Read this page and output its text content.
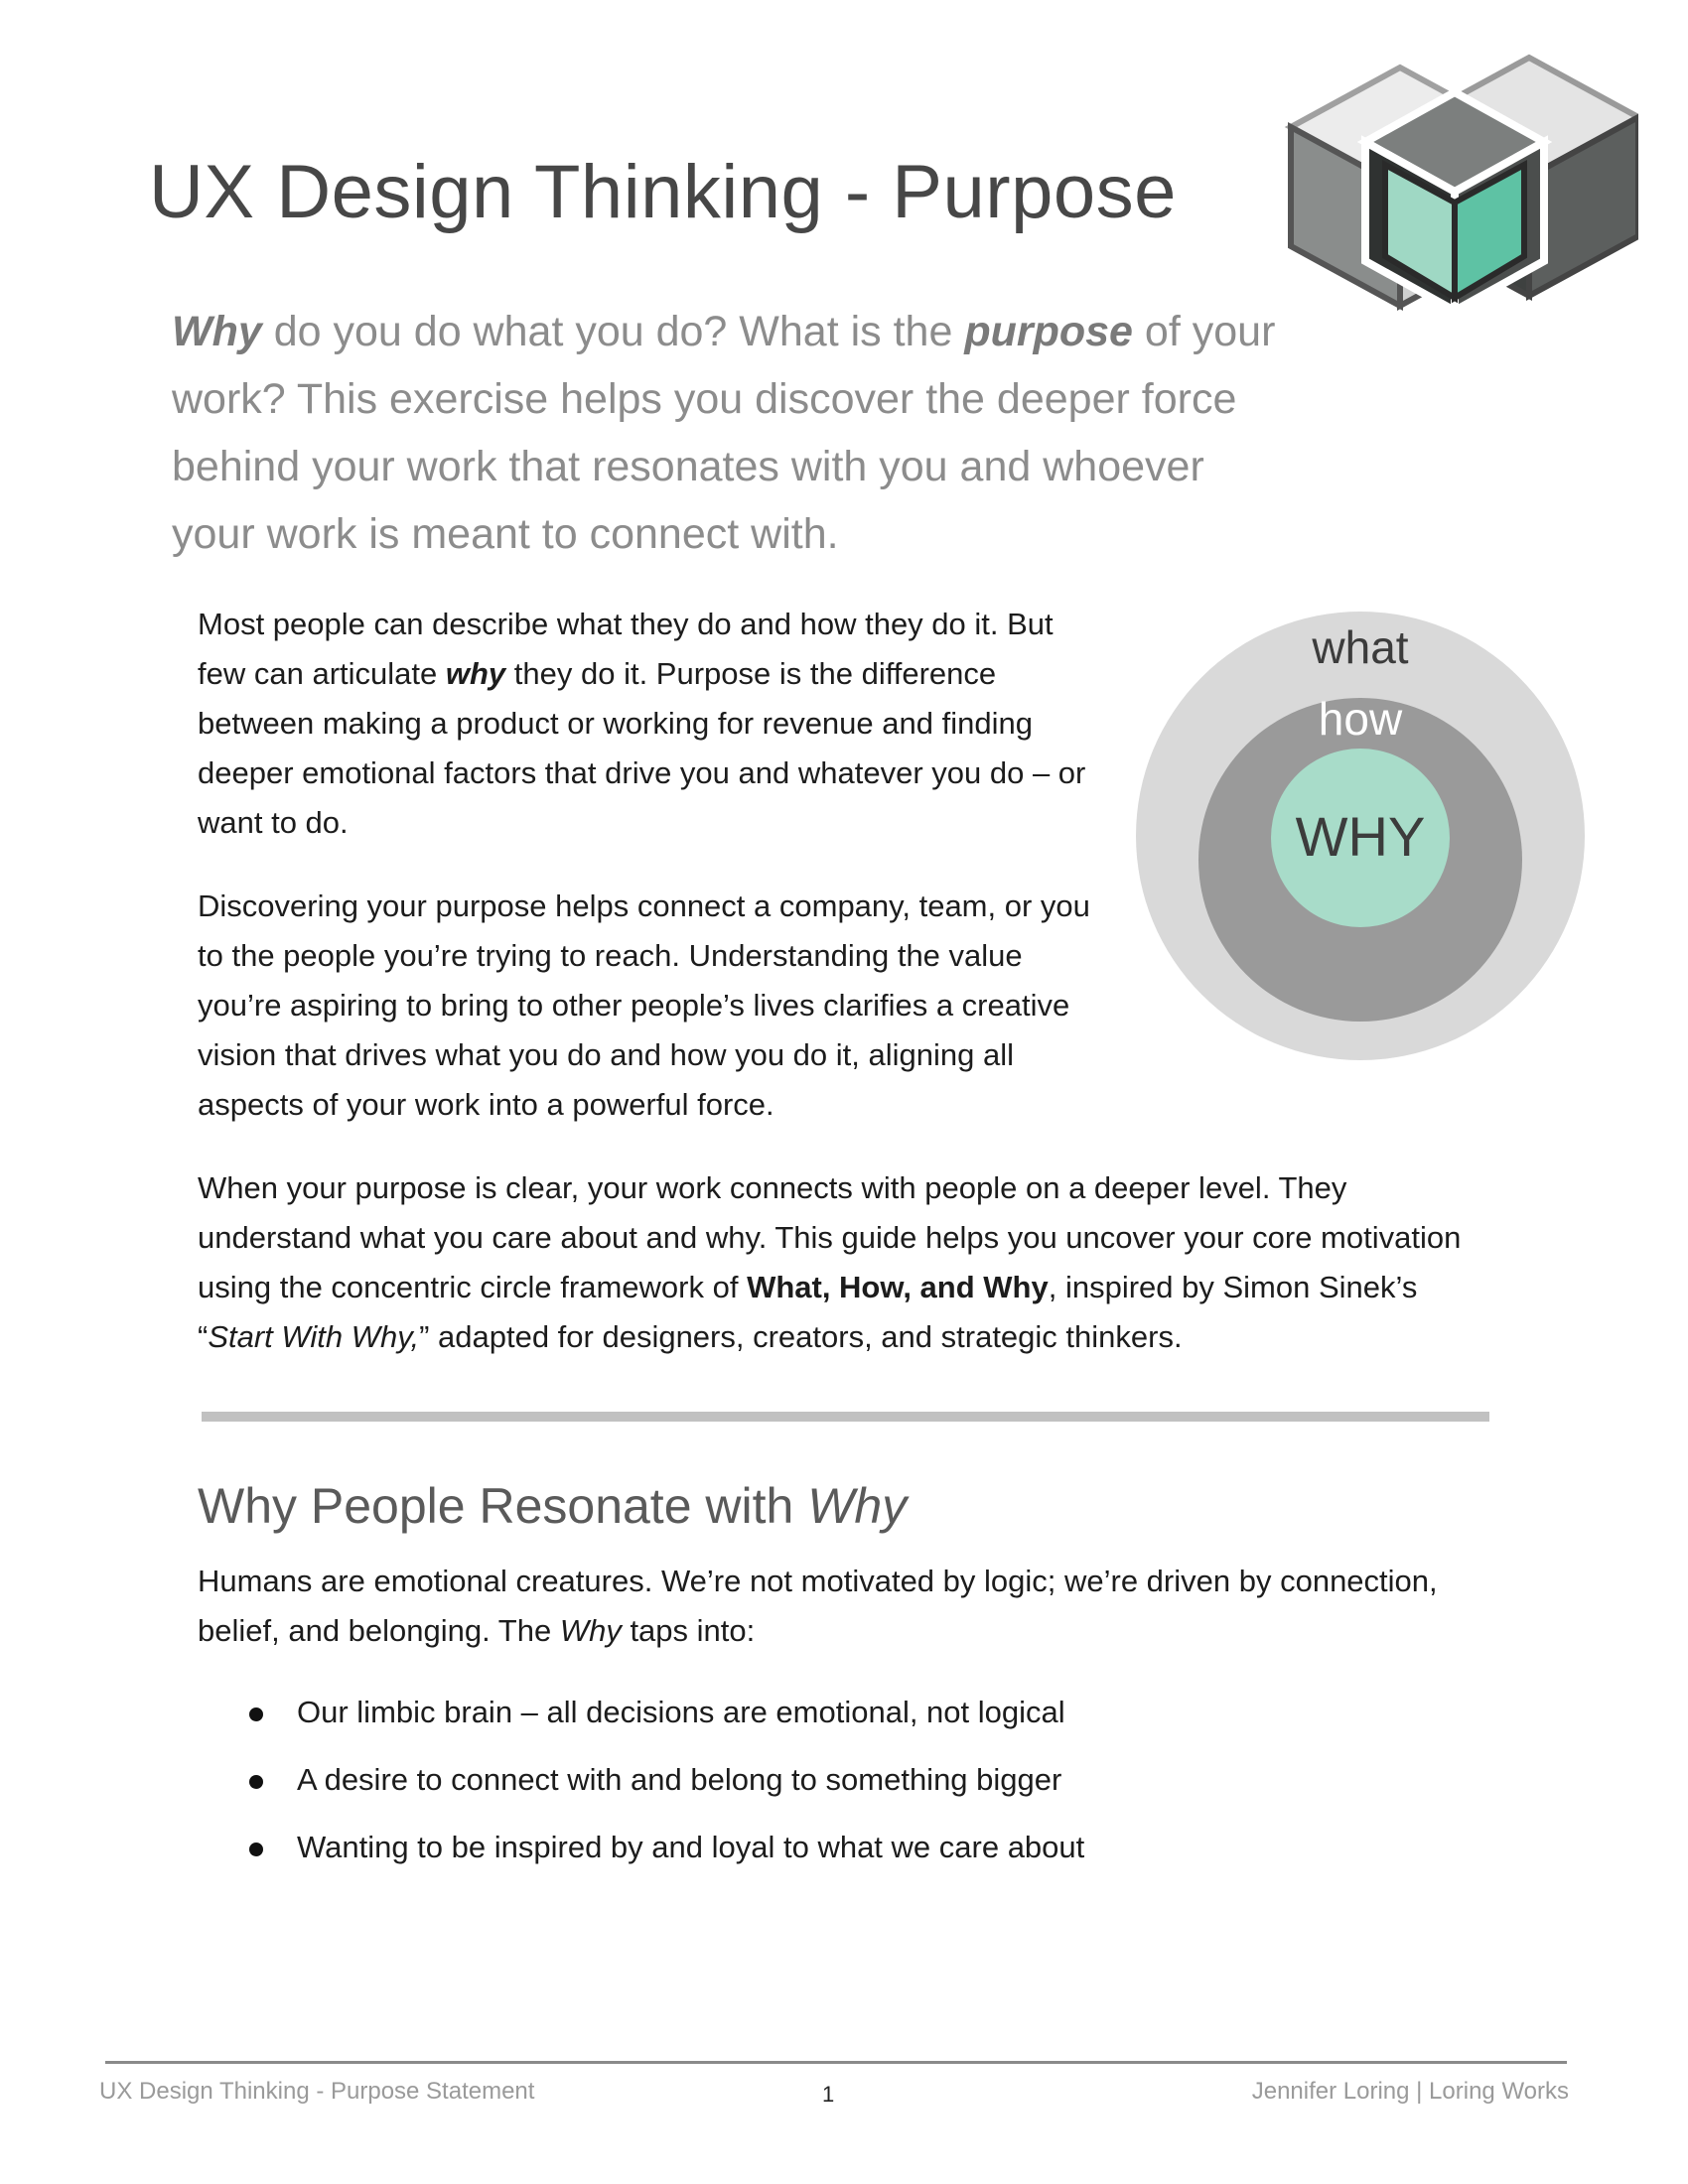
UX Design Thinking - Purpose

Why do you do what you do? What is the purpose of your work? This exercise helps you discover the deeper force behind your work that resonates with you and whoever your work is meant to connect with.

Most people can describe what they do and how they do it. But few can articulate why they do it. Purpose is the difference between making a product or working for revenue and finding deeper emotional factors that drive you and whatever you do – or want to do.

Discovering your purpose helps connect a company, team, or you to the people you’re trying to reach. Understanding the value you’re aspiring to bring to other people’s lives clarifies a creative vision that drives what you do and how you do it, aligning all aspects of your work into a powerful force.

what
how
WHY

When your purpose is clear, your work connects with people on a deeper level. They understand what you care about and why. This guide helps you uncover your core motivation using the concentric circle framework of What, How, and Why, inspired by Simon Sinek’s “Start With Why,” adapted for designers, creators, and strategic thinkers.

Why People Resonate with Why

Humans are emotional creatures. We’re not motivated by logic; we’re driven by connection, belief, and belonging. The Why taps into:

Our limbic brain – all decisions are emotional, not logical
A desire to connect with and belong to something bigger
Wanting to be inspired by and loyal to what we care about
UX Design Thinking - Purpose Statement	1	Jennifer Loring | Loring Works
